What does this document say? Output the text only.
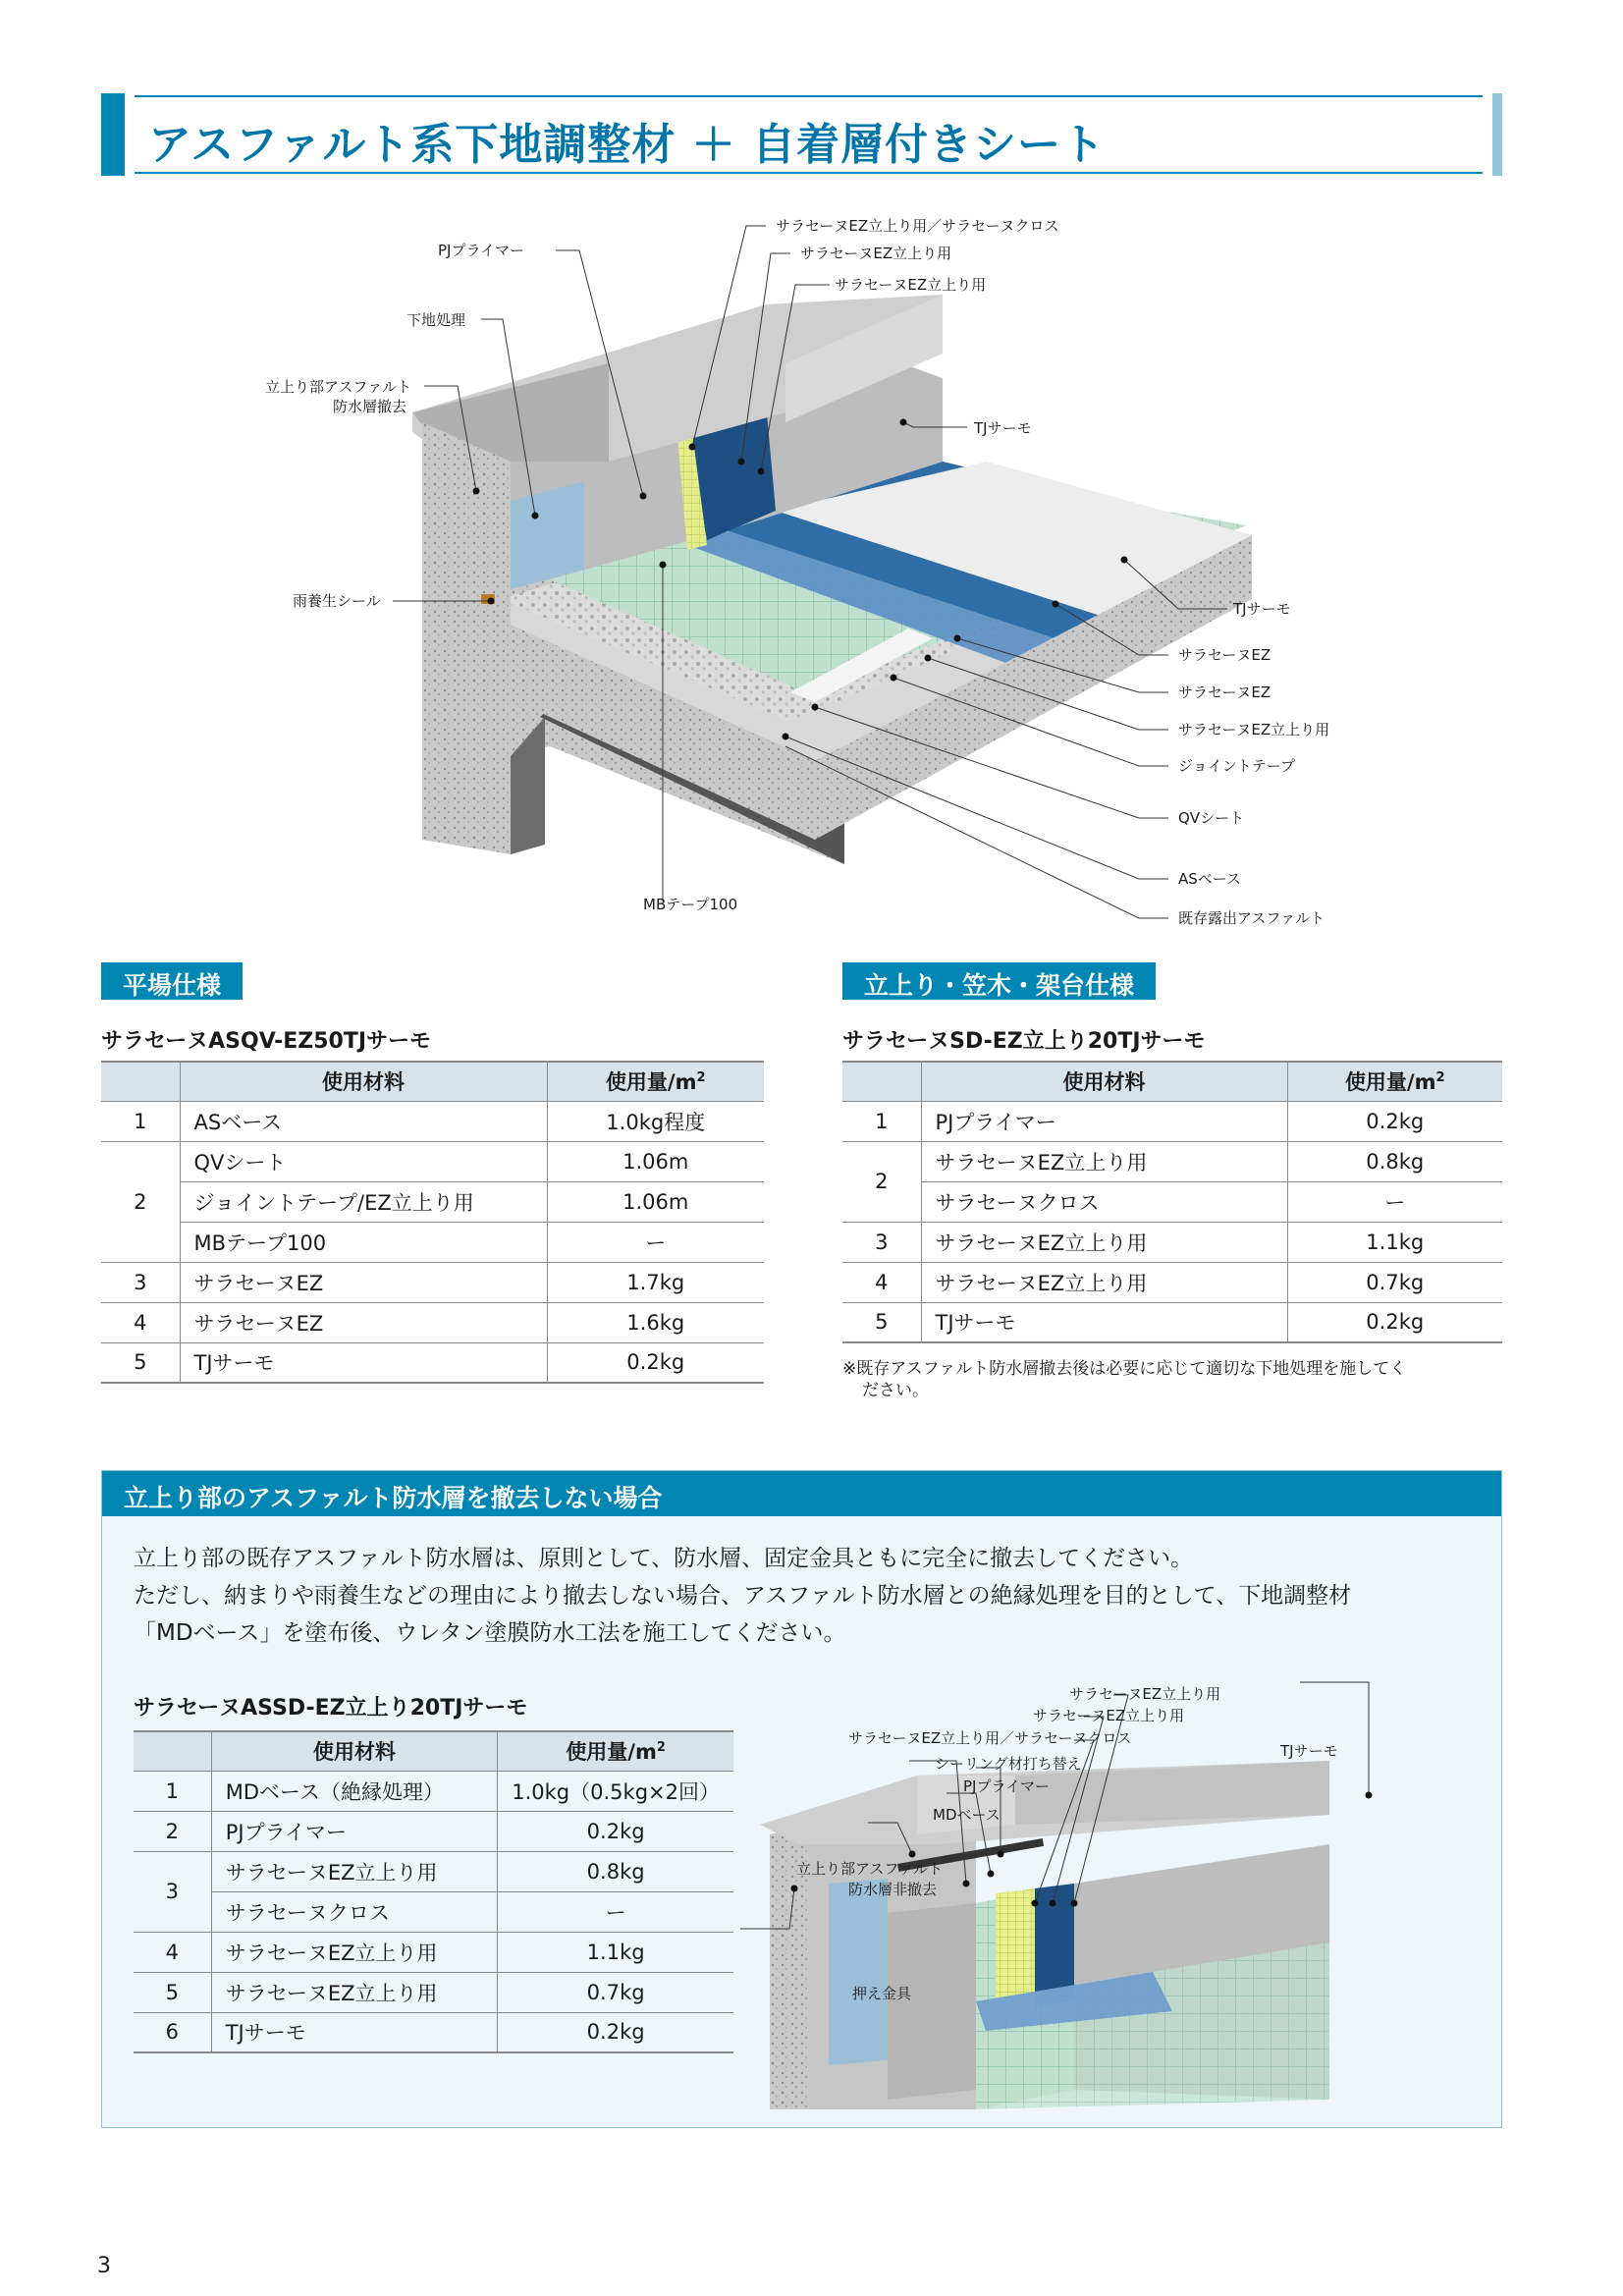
アスファルト系下地調整材 ＋ 自着層付きシート
PJプライマー
下地処理
立上り部アスファルト
防水層撤去
雨養生シール
MBテープ100
サラセーヌEZ立上り用／サラセーヌクロス
サラセーヌEZ立上り用
サラセーヌEZ立上り用
TJサーモ
TJサーモ
サラセーヌEZ
サラセーヌEZ
サラセーヌEZ立上り用
ジョイントテープ
QVシート
ASベース
既存露出アスファルト
平場仕様
サラセーヌASQV-EZ50TJサーモ
	使用材料	使用量$/m^2$
1	ASベース	1.0kg程度
2	QVシート	1.06m
	ジョイントテープ/EZ立上り用	1.06m
	MBテープ100	ー
3	サラセーヌEZ	1.7kg
4	サラセーヌEZ	1.6kg
5	TJサーモ	0.2kg
立上り・笠木・架台仕様
サラセーヌSD-EZ立上り20TJサーモ
	使用材料	使用量$/m^2$
1	PJプライマー	0.2kg
2	サラセーヌEZ立上り用	0.8kg
	サラセーヌクロス	ー
3	サラセーヌEZ立上り用	1.1kg
4	サラセーヌEZ立上り用	0.7kg
5	TJサーモ	0.2kg
※既存アスファルト防水層撤去後は必要に応じて適切な下地処理を施してく
ださい。
立上り部のアスファルト防水層を撤去しない場合
立上り部の既存アスファルト防水層は、原則として、防水層、固定金具ともに完全に撤去してください。
ただし、納まりや雨養生などの理由により撤去しない場合、アスファルト防水層との絶縁処理を目的として、下地調整材
「MDベース」を塗布後、ウレタン塗膜防水工法を施工してください。
サラセーヌASSD-EZ立上り20TJサーモ
	使用材料	使用量$/m^2$
1	MDベース（絶縁処理）	1.0kg（0.5kg×2回）
2	PJプライマー	0.2kg
3	サラセーヌEZ立上り用	0.8kg
	サラセーヌクロス	ー
4	サラセーヌEZ立上り用	1.1kg
5	サラセーヌEZ立上り用	0.7kg
6	TJサーモ	0.2kg
サラセーヌEZ立上り用
サラセーヌEZ立上り用
サラセーヌEZ立上り用／サラセーヌクロス
シーリング材打ち替え
PJプライマー
MDベース
立上り部アスファルト
防水層非撤去
押え金具
TJサーモ
3
